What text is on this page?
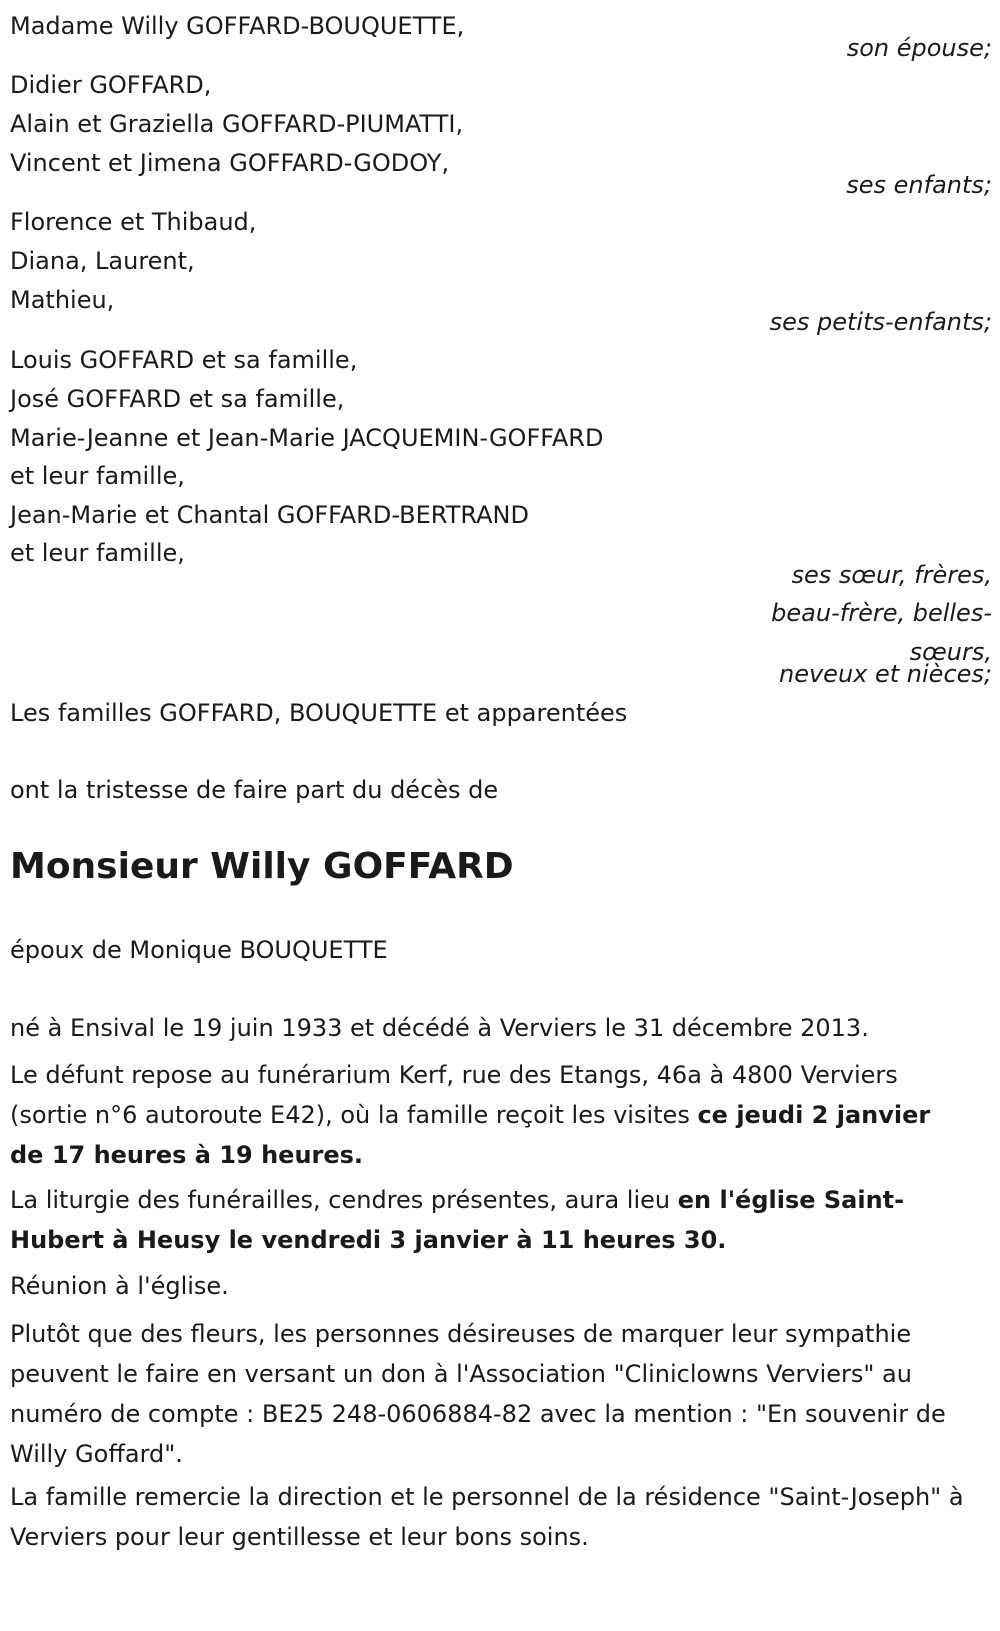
Madame Willy GOFFARD-BOUQUETTE,
son épouse;
Didier GOFFARD,
Alain et Graziella GOFFARD-PIUMATTI,
Vincent et Jimena GOFFARD-GODOY,
ses enfants;
Florence et Thibaud,
Diana, Laurent,
Mathieu,
ses petits-enfants;
Louis GOFFARD et sa famille,
José GOFFARD et sa famille,
Marie-Jeanne et Jean-Marie JACQUEMIN-GOFFARD
et leur famille,
Jean-Marie et Chantal GOFFARD-BERTRAND
et leur famille,
ses sœur, frères,
beau-frère, belles-
sœurs,
neveux et nièces;
Les familles GOFFARD, BOUQUETTE et apparentées
ont la tristesse de faire part du décès de
Monsieur Willy GOFFARD
époux de Monique BOUQUETTE
né à Ensival le 19 juin 1933 et décédé à Verviers le 31 décembre 2013.
Le défunt repose au funérarium Kerf, rue des Etangs, 46a à 4800 Verviers (sortie n°6 autoroute E42), où la famille reçoit les visites ce jeudi 2 janvier de 17 heures à 19 heures.
La liturgie des funérailles, cendres présentes, aura lieu en l'église Saint-Hubert à Heusy le vendredi 3 janvier à 11 heures 30.
Réunion à l'église.
Plutôt que des fleurs, les personnes désireuses de marquer leur sympathie peuvent le faire en versant un don à l'Association "Cliniclowns Verviers" au numéro de compte : BE25 248-0606884-82 avec la mention : "En souvenir de Willy Goffard".
La famille remercie la direction et le personnel de la résidence "Saint-Joseph" à Verviers pour leur gentillesse et leur bons soins.
